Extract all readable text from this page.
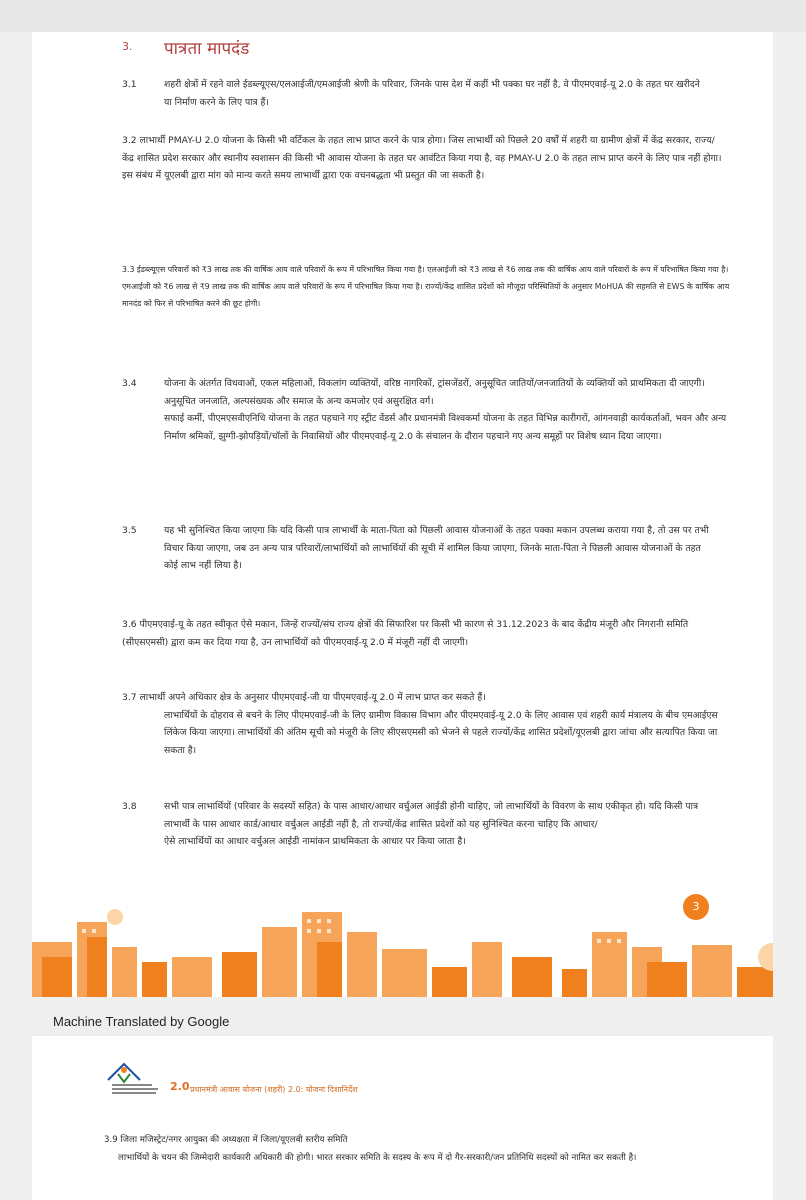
3. पात्रता मापदंड
3.1	शहरी क्षेत्रों में रहने वाले ईडब्ल्यूएस/एलआईजी/एमआईजी श्रेणी के परिवार, जिनके पास देश में कहीं भी पक्का घर नहीं है, वे पीएमएवाई-यू 2.0 के तहत घर खरीदने या निर्माण करने के लिए पात्र हैं।
3.2 लाभार्थी PMAY-U 2.0 योजना के किसी भी वर्टिकल के तहत लाभ प्राप्त करने के पात्र होगा। जिस लाभार्थी को पिछले 20 वर्षों में शहरी या ग्रामीण क्षेत्रों में केंद्र सरकार, राज्य/केंद्र शासित प्रदेश सरकार और स्थानीय स्वशासन की किसी भी आवास योजना के तहत घर आवंटित किया गया है, वह PMAY-U 2.0 के तहत लाभ प्राप्त करने के लिए पात्र नहीं होगा। इस संबंध में यूएलबी द्वारा मांग को मान्य करते समय लाभार्थी द्वारा एक वचनबद्धता भी प्रस्तुत की जा सकती है।
3.3 ईडब्ल्यूएस परिवारों को ₹3 लाख तक की वार्षिक आय वाले परिवारों के रूप में परिभाषित किया गया है। एलआईजी को ₹3 लाख से ₹6 लाख तक की वार्षिक आय वाले परिवारों के रूप में परिभाषित किया गया है। एमआईजी को ₹6 लाख से ₹9 लाख तक की वार्षिक आय वाले परिवारों के रूप में परिभाषित किया गया है। राज्यों/केंद्र शासित प्रदेशों को मौजूदा परिस्थितियों के अनुसार MoHUA की सहमति से EWS के वार्षिक आय मानदंड को फिर से परिभाषित करने की छूट होगी।
3.4	योजना के अंतर्गत विधवाओं, एकल महिलाओं, विकलांग व्यक्तियों, वरिष्ठ नागरिकों, ट्रांसजेंडरों, अनुसूचित जातियों/जनजातियों के व्यक्तियों को प्राथमिकता दी जाएगी।
अनुसूचित जनजाति, अल्पसंख्यक और समाज के अन्य कमजोर एवं असुरक्षित वर्ग।
सफाई कर्मी, पीएमएसवीएनिधि योजना के तहत पहचाने गए स्ट्रीट वेंडर्स और प्रधानमंत्री विश्वकर्मा योजना के तहत विभिन्न कारीगरों, आंगनवाड़ी कार्यकर्ताओं, भवन और अन्य निर्माण श्रमिकों, झुग्गी-झोपड़ियों/चॉलों के निवासियों और पीएमएवाई-यू 2.0 के संचालन के दौरान पहचाने गए अन्य समूहों पर विशेष ध्यान दिया जाएगा।
3.5	यह भी सुनिश्चित किया जाएगा कि यदि किसी पात्र लाभार्थी के माता-पिता को पिछली आवास योजनाओं के तहत पक्का मकान उपलब्ध कराया गया है, तो उस पर तभी विचार किया जाएगा, जब उन अन्य पात्र परिवारों/लाभार्थियों को लाभार्थियों की सूची में शामिल किया जाएगा, जिनके माता-पिता ने पिछली आवास योजनाओं के तहत कोई लाभ नहीं लिया है।
3.6 पीएमएवाई-यू के तहत स्वीकृत ऐसे मकान, जिन्हें राज्यों/संघ राज्य क्षेत्रों की सिफारिश पर किसी भी कारण से 31.12.2023 के बाद केंद्रीय मंजूरी और निगरानी समिति (सीएसएमसी) द्वारा कम कर दिया गया है, उन लाभार्थियों को पीएमएवाई-यू 2.0 में मंजूरी नहीं दी जाएगी।
3.7 लाभार्थी अपने अधिकार क्षेत्र के अनुसार पीएमएवाई-जी या पीएमएवाई-यू 2.0 में लाभ प्राप्त कर सकते हैं।
लाभार्थियों के दोहराव से बचने के लिए पीएमएवाई-जी के लिए ग्रामीण विकास विभाग और पीएमएवाई-यू 2.0 के लिए आवास एवं शहरी कार्य मंत्रालय के बीच एमआईएस लिंकेज किया जाएगा। लाभार्थियों की अंतिम सूची को मंजूरी के लिए सीएसएमसी को भेजने से पहले राज्यों/केंद्र शासित प्रदेशों/यूएलबी द्वारा जांचा और सत्यापित किया जा सकता है।
3.8	सभी पात्र लाभार्थियों (परिवार के सदस्यों सहित) के पास आधार/आधार वर्चुअल आईडी होनी चाहिए, जो लाभार्थियों के विवरण के साथ एकीकृत हो। यदि किसी पात्र लाभार्थी के पास आधार कार्ड/आधार वर्चुअल आईडी नहीं है, तो राज्यों/केंद्र शासित प्रदेशों को यह सुनिश्चित करना चाहिए कि आधार/
ऐसे लाभार्थियों का आधार वर्चुअल आईडी नामांकन प्राथमिकता के आधार पर किया जाता है।
3
Machine Translated by Google
2.0 प्रधानमंत्री आवास योजना (शहरी) 2.0: योजना दिशानिर्देश
3.9 जिला मजिस्ट्रेट/नगर आयुक्त की अध्यक्षता में जिला/यूएलबी स्तरीय समिति
लाभार्थियों के चयन की जिम्मेदारी कार्यकारी अधिकारी की होगी। भारत सरकार समिति के सदस्य के रूप में दो गैर-सरकारी/जन प्रतिनिधि सदस्यों को नामित कर सकती है।
